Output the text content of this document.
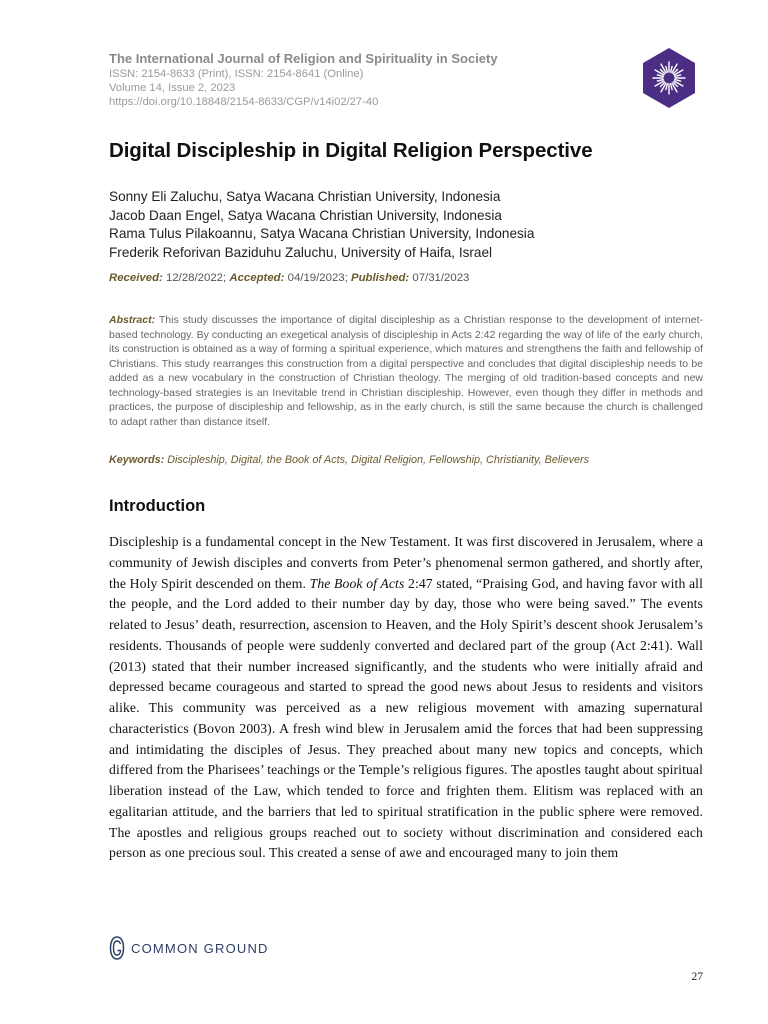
The International Journal of Religion and Spirituality in Society
ISSN: 2154-8633 (Print), ISSN: 2154-8641 (Online)
Volume 14, Issue 2, 2023
https://doi.org/10.18848/2154-8633/CGP/v14i02/27-40
Digital Discipleship in Digital Religion Perspective
Sonny Eli Zaluchu, Satya Wacana Christian University, Indonesia
Jacob Daan Engel, Satya Wacana Christian University, Indonesia
Rama Tulus Pilakoannu, Satya Wacana Christian University, Indonesia
Frederik Reforivan Baziduhu Zaluchu, University of Haifa, Israel
Received: 12/28/2022; Accepted: 04/19/2023; Published: 07/31/2023

Abstract: This study discusses the importance of digital discipleship as a Christian response to the development of internet-based technology. By conducting an exegetical analysis of discipleship in Acts 2:42 regarding the way of life of the early church, its construction is obtained as a way of forming a spiritual experience, which matures and strengthens the faith and fellowship of Christians. This study rearranges this construction from a digital perspective and concludes that digital discipleship needs to be added as a new vocabulary in the construction of Christian theology. The merging of old tradition-based concepts and new technology-based strategies is an Inevitable trend in Christian discipleship. However, even though they differ in methods and practices, the purpose of discipleship and fellowship, as in the early church, is still the same because the church is challenged to adapt rather than distance itself.

Keywords: Discipleship, Digital, the Book of Acts, Digital Religion, Fellowship, Christianity, Believers
Introduction

Discipleship is a fundamental concept in the New Testament. It was first discovered in Jerusalem, where a community of Jewish disciples and converts from Peter’s phenomenal sermon gathered, and shortly after, the Holy Spirit descended on them. The Book of Acts 2:47 stated, “Praising God, and having favor with all the people, and the Lord added to their number day by day, those who were being saved.” The events related to Jesus’ death, resurrection, ascension to Heaven, and the Holy Spirit’s descent shook Jerusalem’s residents. Thousands of people were suddenly converted and declared part of the group (Act 2:41). Wall (2013) stated that their number increased significantly, and the students who were initially afraid and depressed became courageous and started to spread the good news about Jesus to residents and visitors alike. This community was perceived as a new religious movement with amazing supernatural characteristics (Bovon 2003). A fresh wind blew in Jerusalem amid the forces that had been suppressing and intimidating the disciples of Jesus. They preached about many new topics and concepts, which differed from the Pharisees’ teachings or the Temple’s religious figures. The apostles taught about spiritual liberation instead of the Law, which tended to force and frighten them. Elitism was replaced with an egalitarian attitude, and the barriers that led to spiritual stratification in the public sphere were removed. The apostles and religious groups reached out to society without discrimination and considered each person as one precious soul. This created a sense of awe and encouraged many to join them

COMMON GROUND
27
